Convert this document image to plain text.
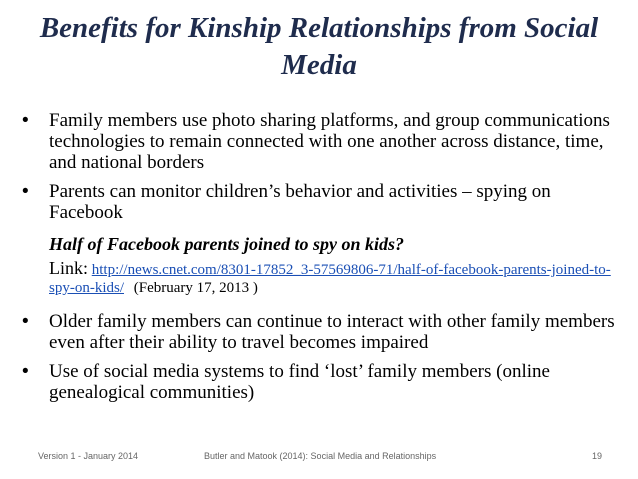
Benefits for Kinship Relationships from Social Media
•	Family members use photo sharing platforms, and group communications technologies to remain connected with one another across distance, time, and national borders
•	Parents can monitor children’s behavior and activities – spying on Facebook
Half of Facebook parents joined to spy on kids?
Link: http://news.cnet.com/8301-17852_3-57569806-71/half-of-facebook-parents-joined-to-spy-on-kids/ (February 17, 2013 )
•	Older family members can continue to interact with other family members even after their ability to travel becomes impaired
•	Use of social media systems to find ‘lost’ family members (online genealogical communities)
Version 1 - January 2014	Butler and Matook (2014): Social Media and Relationships	19
